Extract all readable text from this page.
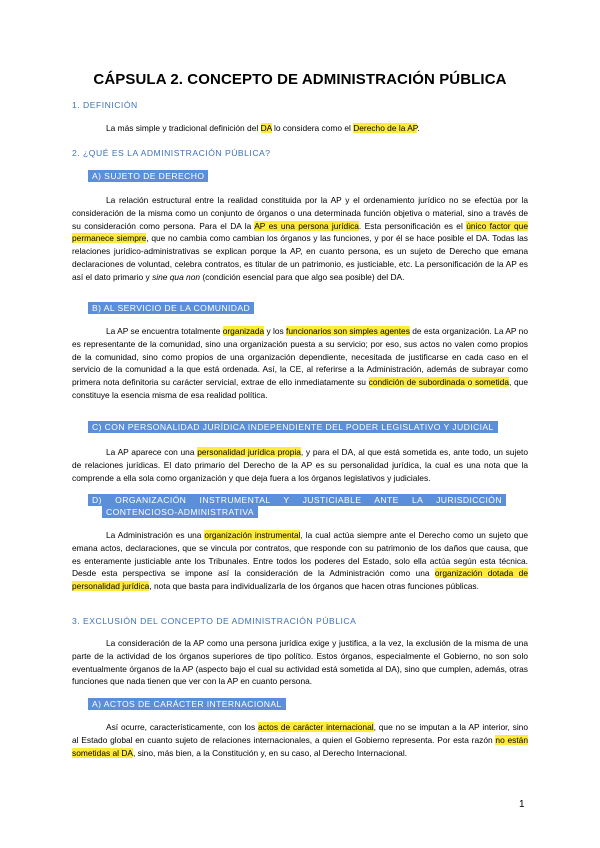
CÁPSULA 2. CONCEPTO DE ADMINISTRACIÓN PÚBLICA
1. DEFINICIÓN
La más simple y tradicional definición del DA lo considera como el Derecho de la AP.
2. ¿QUÉ ES LA ADMINISTRACIÓN PÚBLICA?
A) SUJETO DE DERECHO
La relación estructural entre la realidad constituida por la AP y el ordenamiento jurídico no se efectúa por la consideración de la misma como un conjunto de órganos o una determinada función objetiva o material, sino a través de su consideración como persona. Para el DA la AP es una persona jurídica. Esta personificación es el único factor que permanece siempre, que no cambia como cambian los órganos y las funciones, y por él se hace posible el DA. Todas las relaciones jurídico-administrativas se explican porque la AP, en cuanto persona, es un sujeto de Derecho que emana declaraciones de voluntad, celebra contratos, es titular de un patrimonio, es justiciable, etc. La personificación de la AP es así el dato primario y sine qua non (condición esencial para que algo sea posible) del DA.
B) AL SERVICIO DE LA COMUNIDAD
La AP se encuentra totalmente organizada y los funcionarios son simples agentes de esta organización. La AP no es representante de la comunidad, sino una organización puesta a su servicio; por eso, sus actos no valen como propios de la comunidad, sino como propios de una organización dependiente, necesitada de justificarse en cada caso en el servicio de la comunidad a la que está ordenada. Así, la CE, al referirse a la Administración, además de subrayar como primera nota definitoria su carácter servicial, extrae de ello inmediatamente su condición de subordinada o sometida, que constituye la esencia misma de esa realidad política.
C) CON PERSONALIDAD JURÍDICA INDEPENDIENTE DEL PODER LEGISLATIVO Y JUDICIAL
La AP aparece con una personalidad jurídica propia, y para el DA, al que está sometida es, ante todo, un sujeto de relaciones jurídicas. El dato primario del Derecho de la AP es su personalidad jurídica, la cual es una nota que la comprende a ella sola como organización y que deja fuera a los órganos legislativos y judiciales.
D) ORGANIZACIÓN INSTRUMENTAL Y JUSTICIABLE ANTE LA JURISDICCIÓN
CONTENCIOSO-ADMINISTRATIVA
La Administración es una organización instrumental, la cual actúa siempre ante el Derecho como un sujeto que emana actos, declaraciones, que se vincula por contratos, que responde con su patrimonio de los daños que causa, que es enteramente justiciable ante los Tribunales. Entre todos los poderes del Estado, solo ella actúa según esta técnica. Desde esta perspectiva se impone así la consideración de la Administración como una organización dotada de personalidad jurídica, nota que basta para individualizarla de los órganos que hacen otras funciones públicas.
3. EXCLUSIÓN DEL CONCEPTO DE ADMINISTRACIÓN PÚBLICA
La consideración de la AP como una persona jurídica exige y justifica, a la vez, la exclusión de la misma de una parte de la actividad de los órganos superiores de tipo político. Estos órganos, especialmente el Gobierno, no son solo eventualmente órganos de la AP (aspecto bajo el cual su actividad está sometida al DA), sino que cumplen, además, otras funciones que nada tienen que ver con la AP en cuanto persona.
A) ACTOS DE CARÁCTER INTERNACIONAL
Así ocurre, característicamente, con los actos de carácter internacional, que no se imputan a la AP interior, sino al Estado global en cuanto sujeto de relaciones internacionales, a quien el Gobierno representa. Por esta razón no están sometidas al DA, sino, más bien, a la Constitución y, en su caso, al Derecho Internacional.
1
